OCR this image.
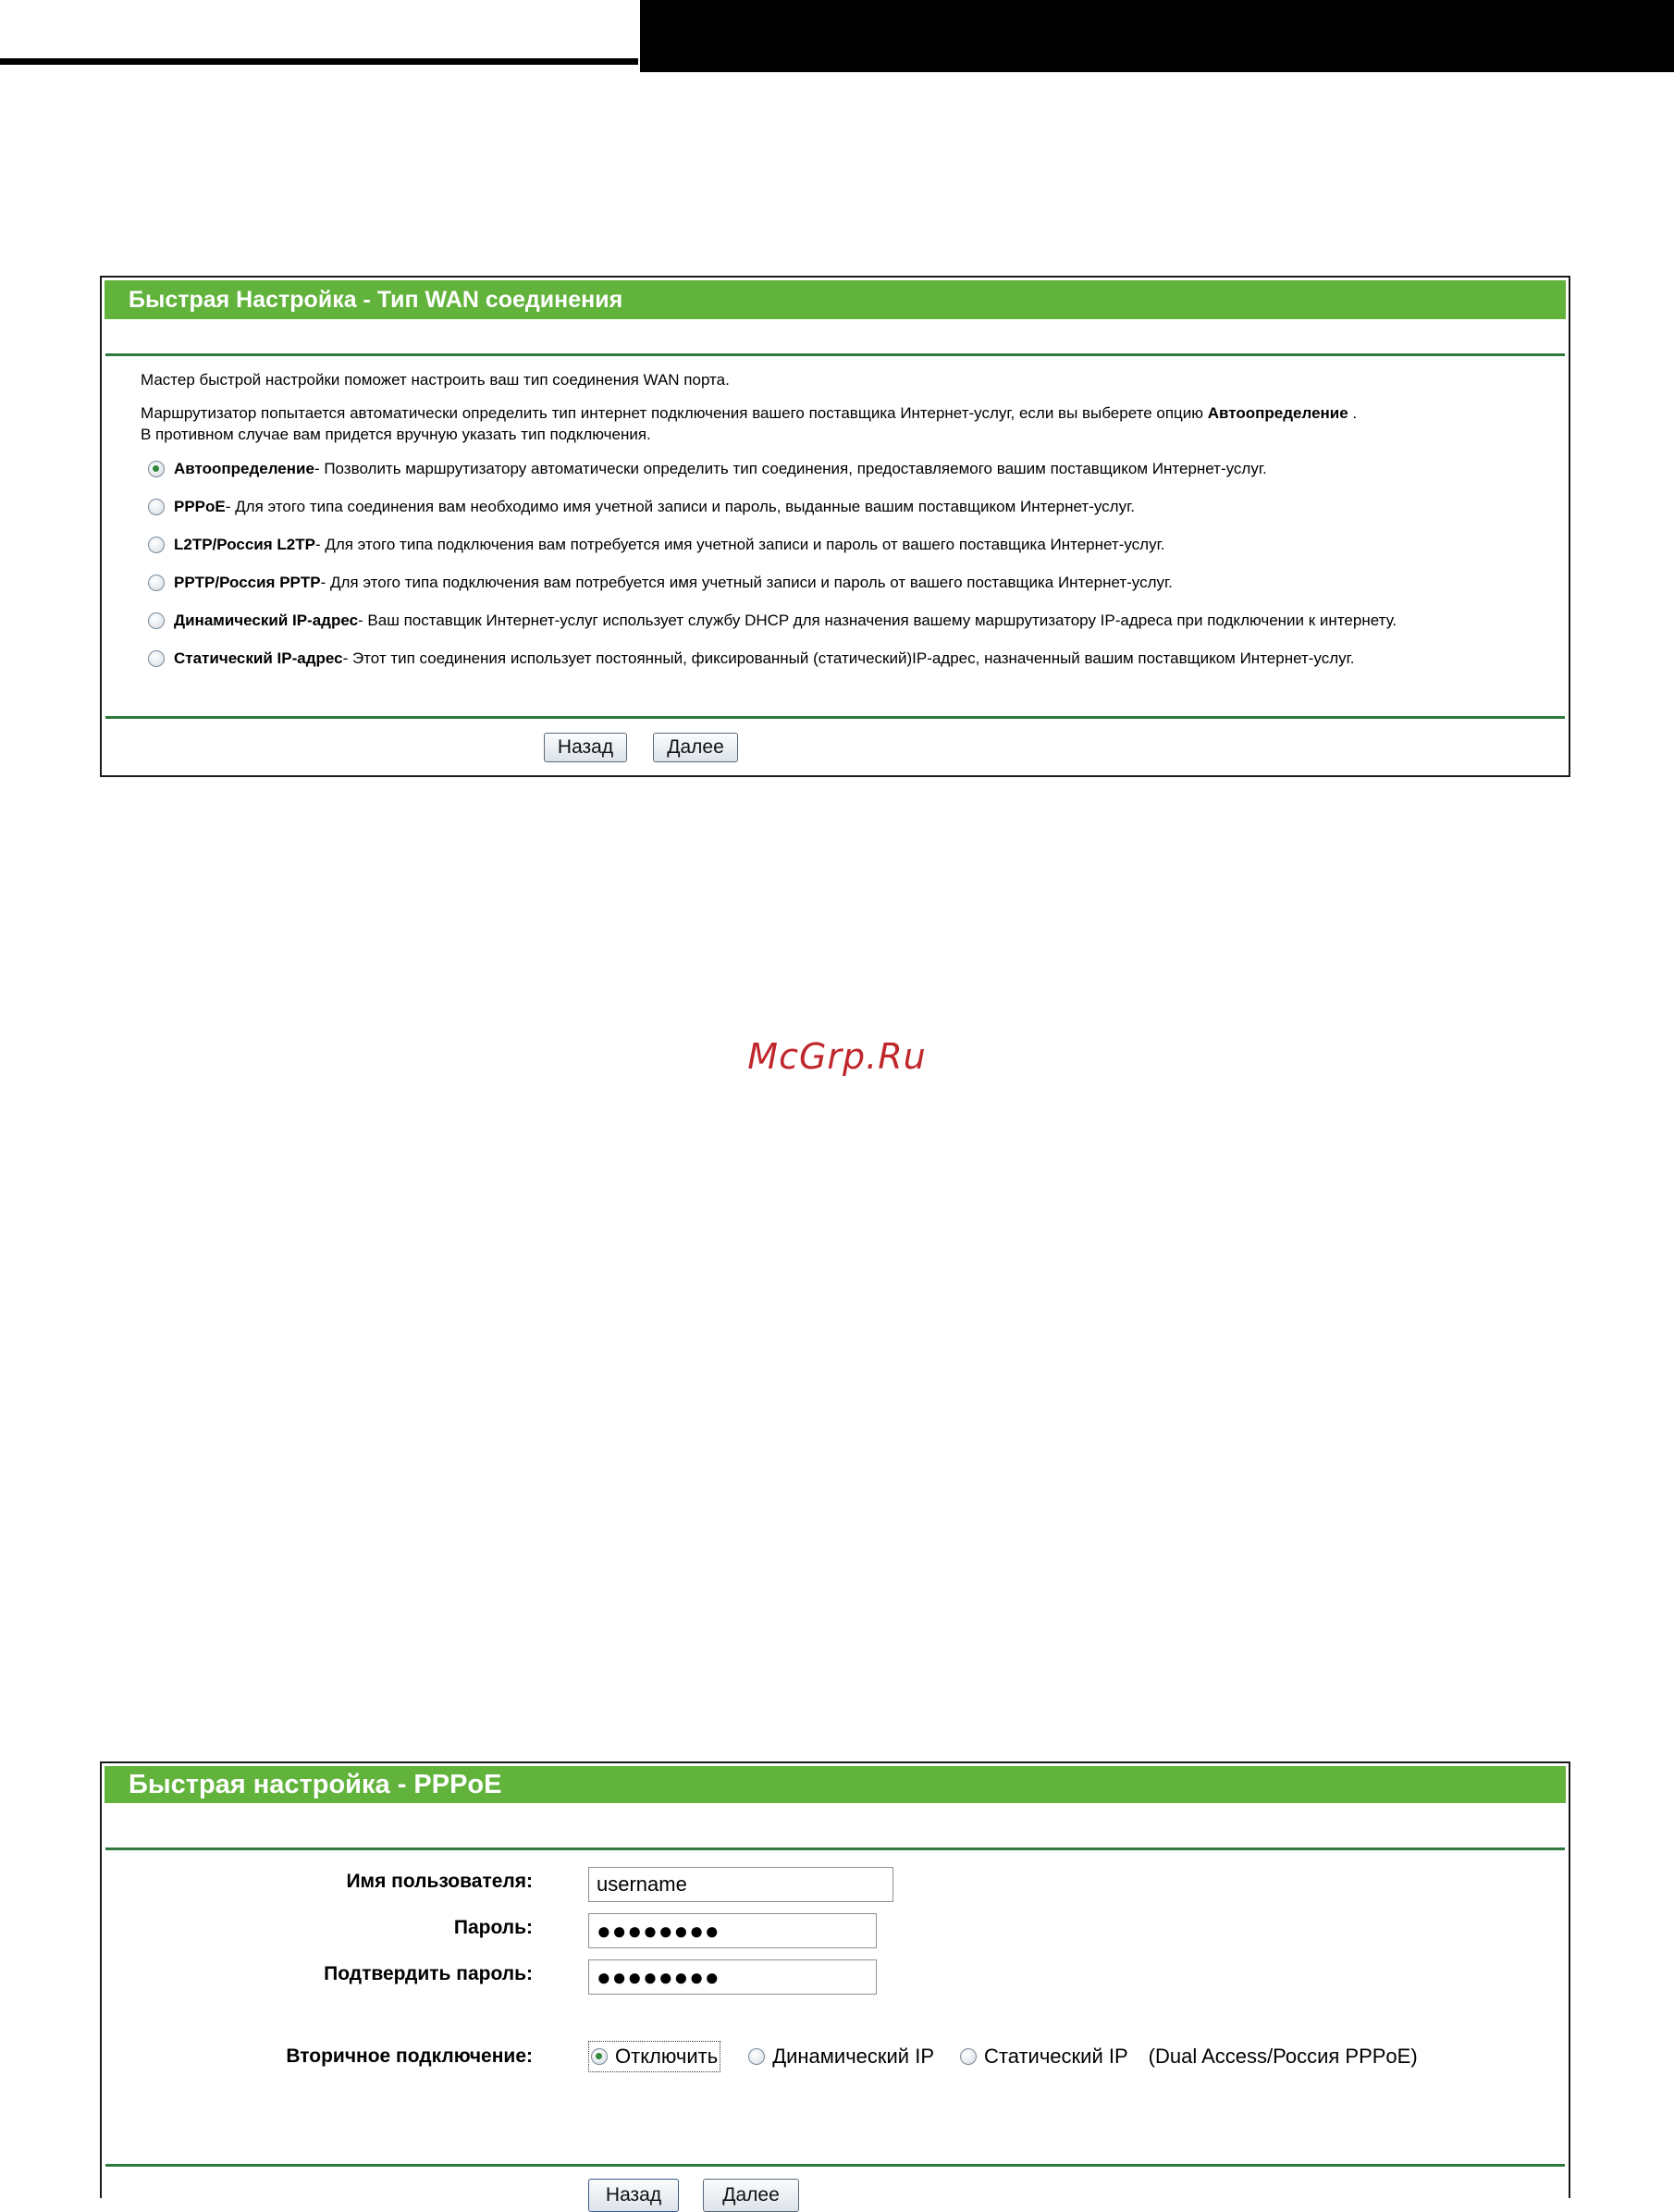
Быстрая Настройка - Тип WAN соединения
Мастер быстрой настройки поможет настроить ваш тип соединения WAN порта.
Маршрутизатор попытается автоматически определить тип интернет подключения вашего поставщика Интернет-услуг, если вы выберете опцию Автоопределение .
В противном случае вам придется вручную указать тип подключения.
Автоопределение - Позволить маршрутизатору автоматически определить тип соединения, предоставляемого вашим поставщиком Интернет-услуг.
PPPoE - Для этого типа соединения вам необходимо имя учетной записи и пароль, выданные вашим поставщиком Интернет-услуг.
L2TP/Россия L2TP - Для этого типа подключения вам потребуется имя учетной записи и пароль от вашего поставщика Интернет-услуг.
PPTP/Россия PPTP - Для этого типа подключения вам потребуется имя учетный записи и пароль от вашего поставщика Интернет-услуг.
Динамический IP-адрес - Ваш поставщик Интернет-услуг использует службу DHCP для назначения вашему маршрутизатору IP-адреса при подключении к интернету.
Статический IP-адрес - Этот тип соединения использует постоянный, фиксированный (статический)IP-адрес, назначенный вашим поставщиком Интернет-услуг.
Назад	Далее
McGrp.Ru
Быстрая настройка - PPPoE
Имя пользователя:	username
Пароль:	●●●●●●●●
Подтвердить пароль:	●●●●●●●●
Вторичное подключение:	Отключить	Динамический IP Статический IP (Dual Access/Россия PPPoE)
Назад	Далее
